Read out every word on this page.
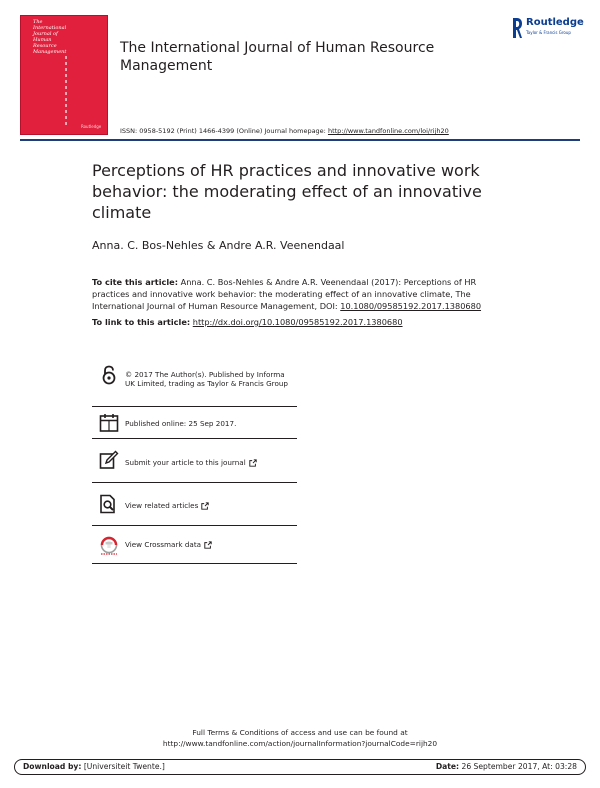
The
International
Journal of
Human
Resource
Management
Routledge
The International Journal of Human Resource Management
Routledge
Taylor & Francis Group
ISSN: 0958-5192 (Print) 1466-4399 (Online) Journal homepage: http://www.tandfonline.com/loi/rijh20
Perceptions of HR practices and innovative work behavior: the moderating effect of an innovative climate
Anna. C. Bos-Nehles & Andre A.R. Veenendaal
To cite this article: Anna. C. Bos-Nehles & Andre A.R. Veenendaal (2017): Perceptions of HR practices and innovative work behavior: the moderating effect of an innovative climate, The International Journal of Human Resource Management, DOI: 10.1080/09585192.2017.1380680
To link to this article: http://dx.doi.org/10.1080/09585192.2017.1380680
© 2017 The Author(s). Published by Informa UK Limited, trading as Taylor & Francis Group
Published online: 25 Sep 2017.
Submit your article to this journal
View related articles
View Crossmark data
Full Terms & Conditions of access and use can be found at
http://www.tandfonline.com/action/journalInformation?journalCode=rijh20
Download by: [Universiteit Twente.]	Date: 26 September 2017, At: 03:28
